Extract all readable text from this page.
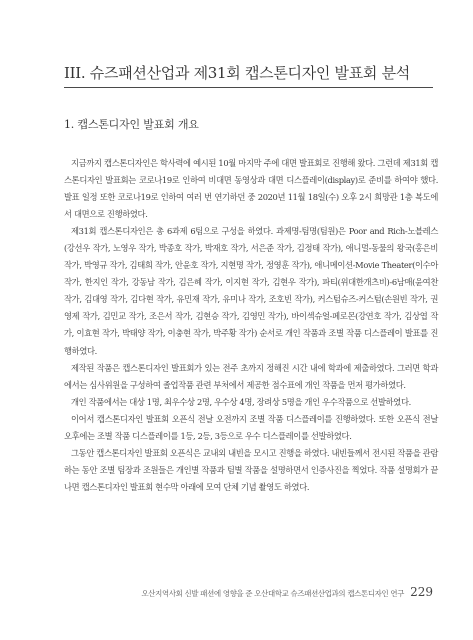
III. 슈즈패션산업과 제31회 캡스톤디자인 발표회 분석
1. 캡스톤디자인 발표회 개요

지금까지 캡스톤디자인은 학사력에 예시된 10월 마지막 주에 대면 발표회로 진행해 왔다. 그런데 제31회 캡스톤디자인 발표회는 코로나19로 인하여 비대면 동영상과 대면 디스플레이(display)로 준비를 하여야 했다. 발표 일정 또한 코로나19로 인하여 여러 번 연기하던 중 2020년 11월 18일(수) 오후 2시 희망관 1층 복도에서 대면으로 진행하였다.

제31회 캡스톤디자인은 총 6과제 6팀으로 구성을 하였다. 과제명-팀명(팀원)은 Poor and Rich-노블레스(강선우 작가, 노영우 작가, 박종호 작가, 박재호 작가, 서은준 작가, 김정태 작가), 애니멀-동물의 왕국(홍은비 작가, 박영규 작가, 김태희 작가, 안윤호 작가, 지현명 작가, 정영훈 작가), 애니메이션-Movie Theater(이수아 작가, 한지인 작가, 강동남 작가, 김은혜 작가, 이지현 작가, 김현우 작가), 파티(위대한개츠비)-6남매(윤여찬 작가, 김대영 작가, 김다현 작가, 유민재 작가, 유미나 작가, 조호빈 작가), 커스텀슈즈-커스텀(손원빈 작가, 권영제 작가, 김민교 작가, 조은서 작가, 김현승 작가, 김영민 작가), 바이섹슈얼-페로몬(강연호 작가, 김상엽 작가, 이효현 작가, 박태양 작가, 이충현 작가, 박주황 작가) 순서로 개인 작품과 조별 작품 디스플레이 발표를 진행하였다.

제작된 작품은 캡스톤디자인 발표회가 있는 전주 초까지 정해진 시간 내에 학과에 제출하였다. 그러면 학과에서는 심사위원을 구성하여 졸업작품 관련 부처에서 제공한 점수표에 개인 작품을 먼저 평가하였다.

개인 작품에서는 대상 1명, 최우수상 2명, 우수상 4명, 장려상 5명을 개인 우수작품으로 선발하였다.

이어서 캡스톤디자인 발표회 오픈식 전날 오전까지 조별 작품 디스플레이를 진행하였다. 또한 오픈식 전날 오후에는 조별 작품 디스플레이를 1등, 2등, 3등으로 우수 디스플레이를 선발하였다.

그동안 캡스톤디자인 발표회 오픈식은 교내외 내빈을 모시고 진행을 하였다. 내빈들께서 전시된 작품을 관람하는 동안 조별 팀장과 조원들은 개인별 작품과 팀별 작품을 설명하면서 인증사진을 찍었다. 작품 설명회가 끝나면 캡스톤디자인 발표회 현수막 아래에 모여 단체 기념 촬영도 하였다.

오산지역사회 신발 패션에 영향을 준 오산대학교 슈즈패션산업과의 캡스톤디자인 연구 229
